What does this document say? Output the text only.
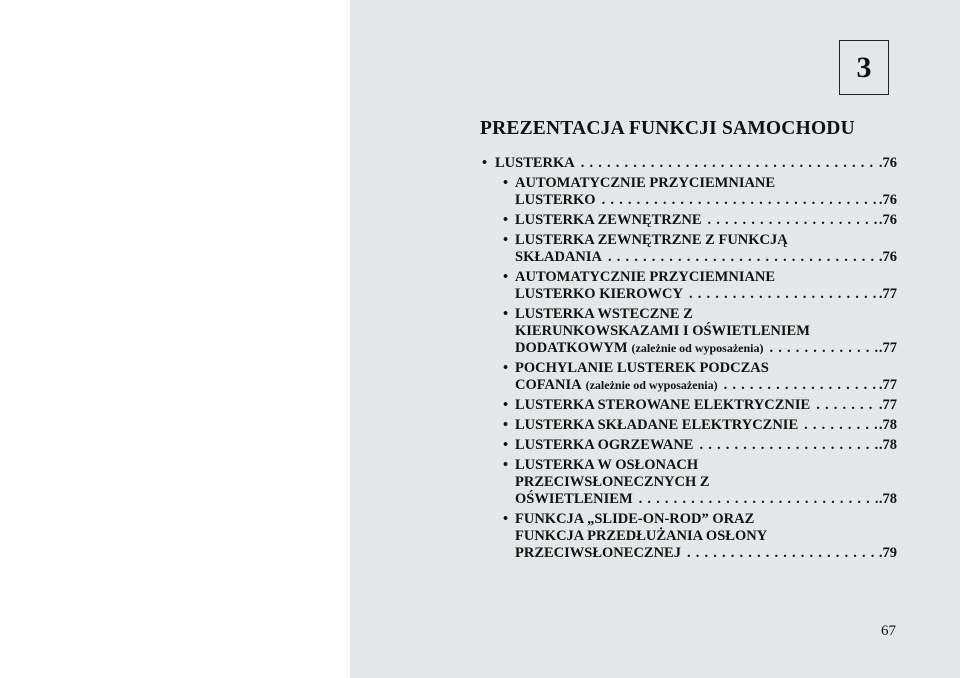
3
PREZENTACJA FUNKCJI SAMOCHODU
• LUSTERKA . . .	.76
• AUTOMATYCZNIE PRZYCIEMNIANE
LUSTERKO . . .	.76
• LUSTERKA ZEWNĘTRZNE . . .	.76
• LUSTERKA ZEWNĘTRZNE Z FUNKCJĄ
SKŁADANIA . . .	.76
• AUTOMATYCZNIE PRZYCIEMNIANE
LUSTERKO KIEROWCY . . .	.77
• LUSTERKA WSTECZNE Z
KIERUNKOWSKAZAMI I OŚWIETLENIEM
DODATKOWYM (zależnie od wyposażenia) . . .	.77
• POCHYLANIE LUSTEREK PODCZAS
COFANIA (zależnie od wyposażenia) . . .	.77
• LUSTERKA STEROWANE ELEKTRYCZNIE . . .	.77
• LUSTERKA SKŁADANE ELEKTRYCZNIE . . .	.78
• LUSTERKA OGRZEWANE . . .	.78
• LUSTERKA W OSŁONACH
PRZECIWSŁONECZNYCH Z
OŚWIETLENIEM . . .	.78
• FUNKCJA „SLIDE-ON-ROD” ORAZ
FUNKCJA PRZEDŁUŻANIA OSŁONY
PRZECIWSŁONECZNEJ . . .	.79
67
